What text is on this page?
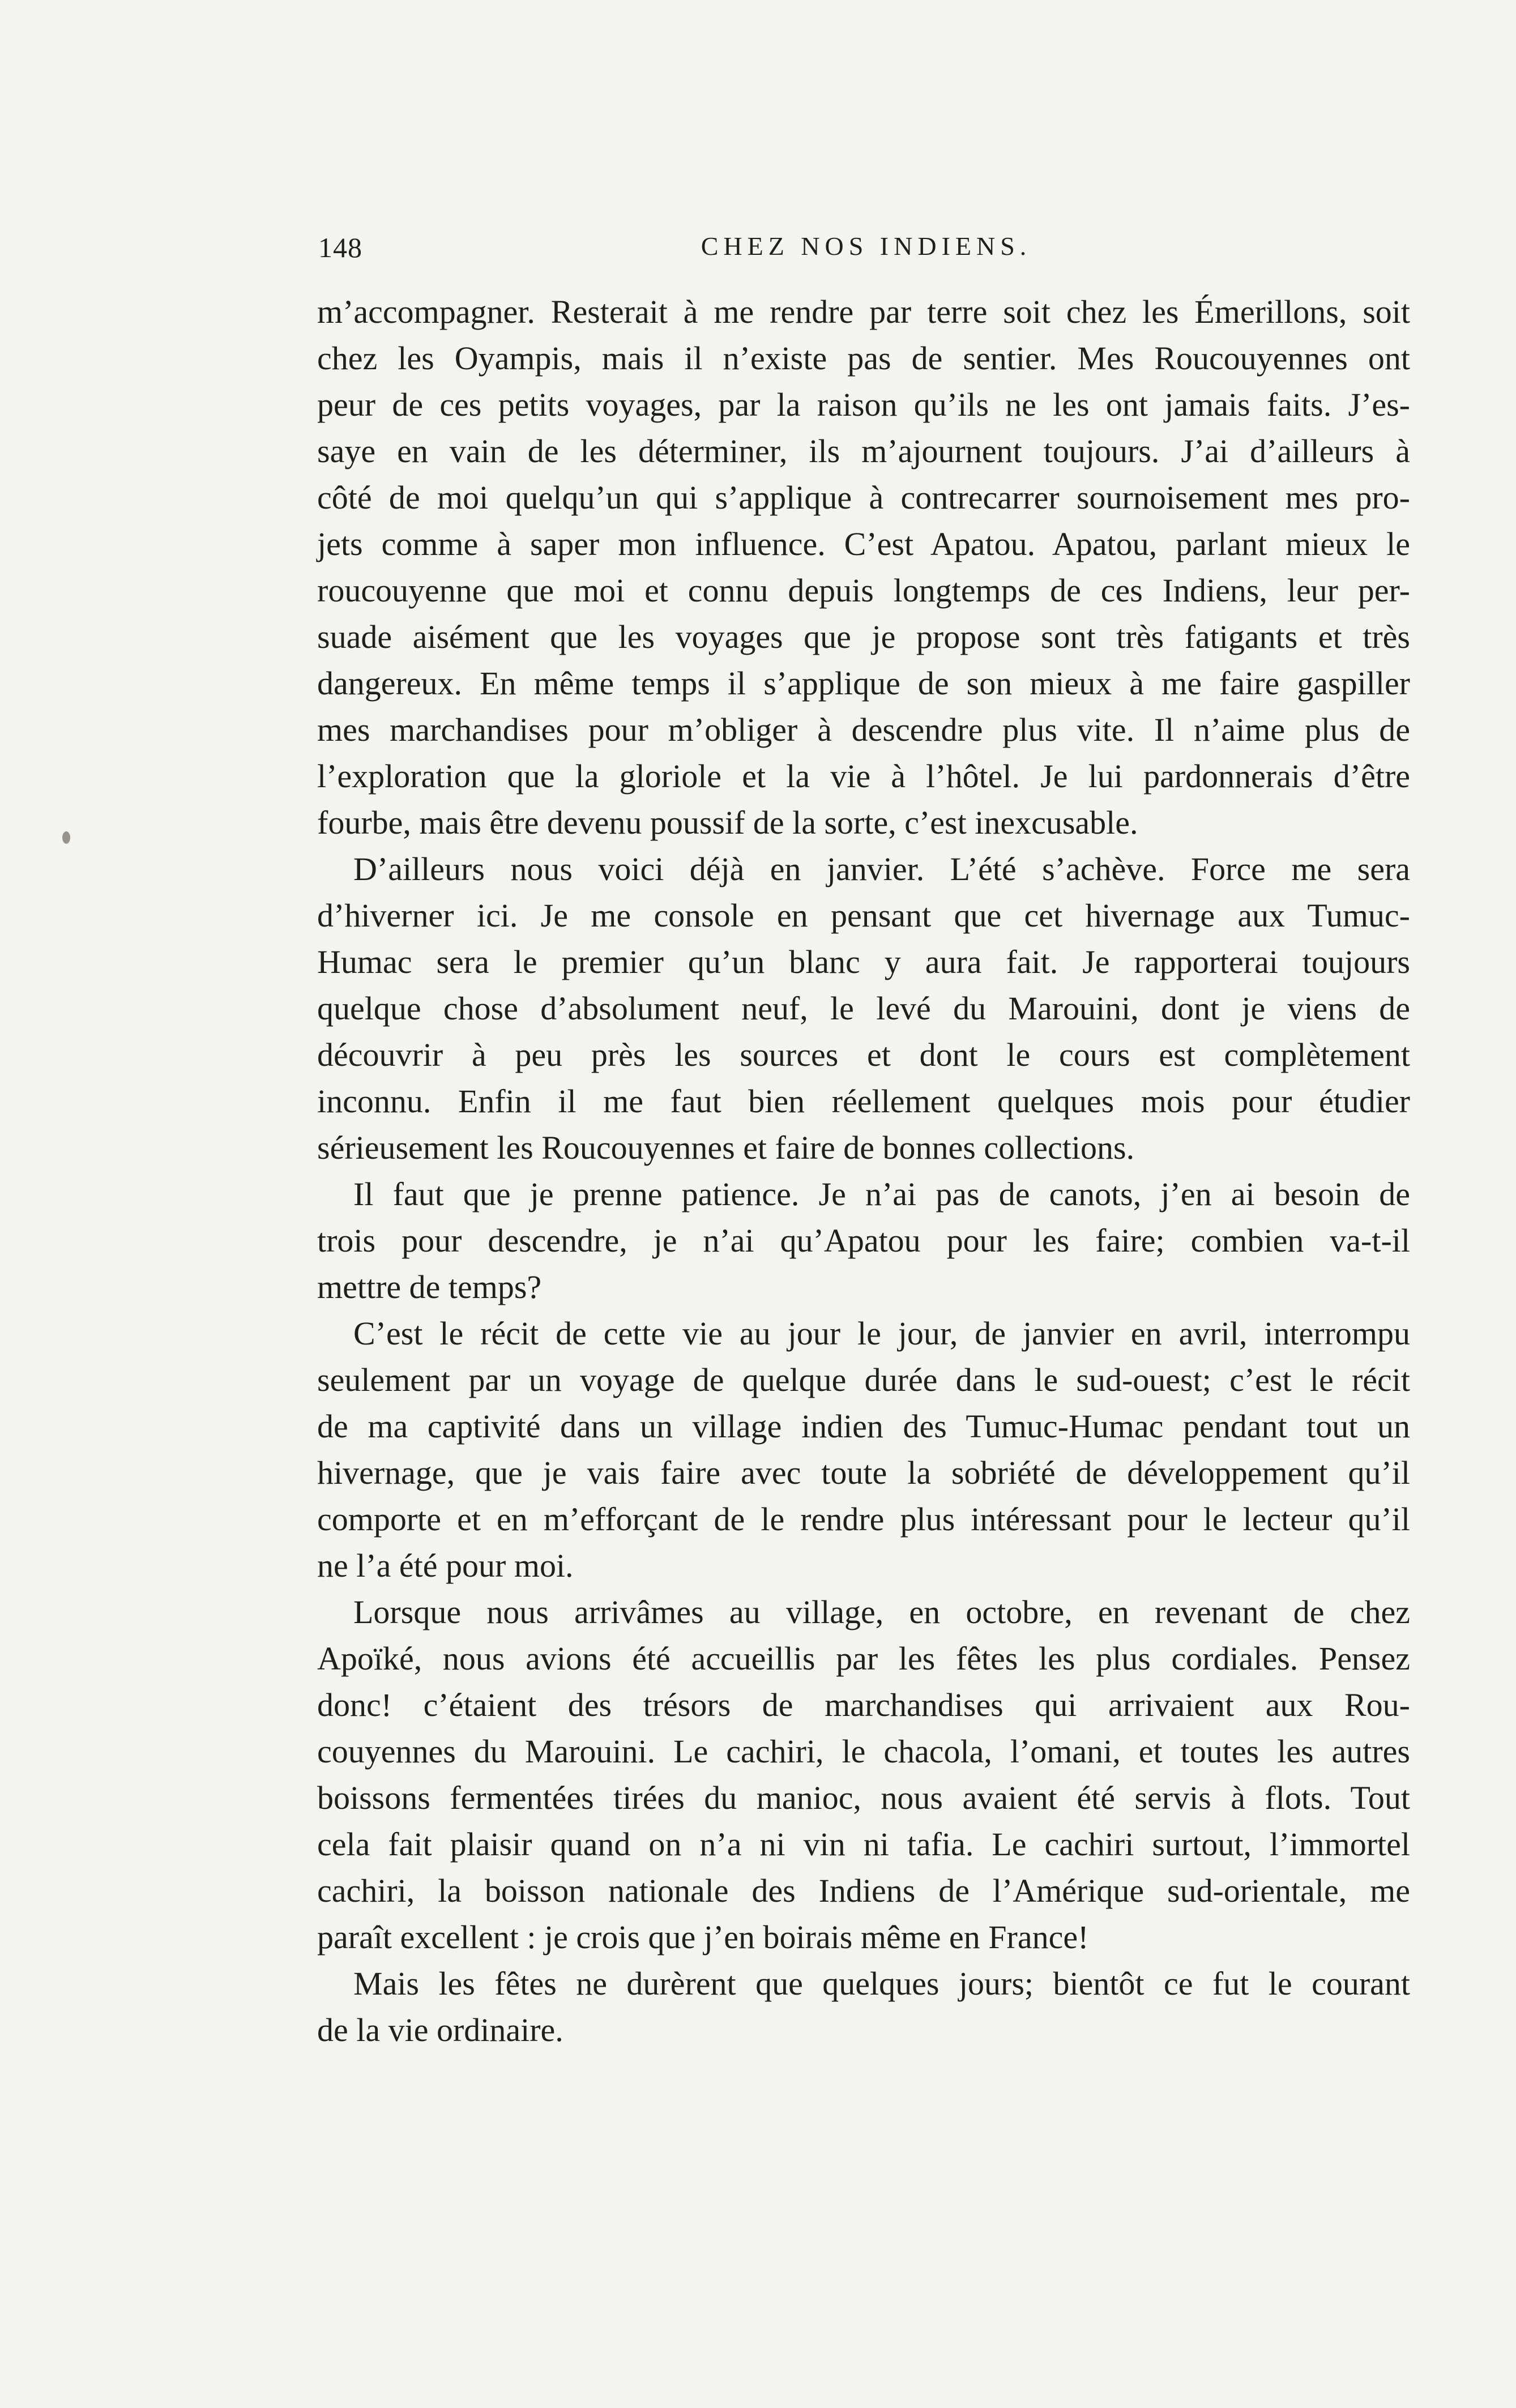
148	CHEZ NOS INDIENS.
m’accompagner. Resterait à me rendre par terre soit chez les Émerillons, soit
chez les Oyampis, mais il n’existe pas de sentier. Mes Roucouyennes ont
peur de ces petits voyages, par la raison qu’ils ne les ont jamais faits. J’es-
saye en vain de les déterminer, ils m’ajournent toujours. J’ai d’ailleurs à
côté de moi quelqu’un qui s’applique à contrecarrer sournoisement mes pro-
jets comme à saper mon influence. C’est Apatou. Apatou, parlant mieux le
roucouyenne que moi et connu depuis longtemps de ces Indiens, leur per-
suade aisément que les voyages que je propose sont très fatigants et très
dangereux. En même temps il s’applique de son mieux à me faire gaspiller
mes marchandises pour m’obliger à descendre plus vite. Il n’aime plus de
l’exploration que la gloriole et la vie à l’hôtel. Je lui pardonnerais d’être
fourbe, mais être devenu poussif de la sorte, c’est inexcusable.
D’ailleurs nous voici déjà en janvier. L’été s’achève. Force me sera
d’hiverner ici. Je me console en pensant que cet hivernage aux Tumuc-
Humac sera le premier qu’un blanc y aura fait. Je rapporterai toujours
quelque chose d’absolument neuf, le levé du Marouini, dont je viens de
découvrir à peu près les sources et dont le cours est complètement
inconnu. Enfin il me faut bien réellement quelques mois pour étudier
sérieusement les Roucouyennes et faire de bonnes collections.
Il faut que je prenne patience. Je n’ai pas de canots, j’en ai besoin de
trois pour descendre, je n’ai qu’Apatou pour les faire; combien va-t-il
mettre de temps?
C’est le récit de cette vie au jour le jour, de janvier en avril, interrompu
seulement par un voyage de quelque durée dans le sud-ouest; c’est le récit
de ma captivité dans un village indien des Tumuc-Humac pendant tout un
hivernage, que je vais faire avec toute la sobriété de développement qu’il
comporte et en m’efforçant de le rendre plus intéressant pour le lecteur qu’il
ne l’a été pour moi.
Lorsque nous arrivâmes au village, en octobre, en revenant de chez
Apoïké, nous avions été accueillis par les fêtes les plus cordiales. Pensez
donc! c’étaient des trésors de marchandises qui arrivaient aux Rou-
couyennes du Marouini. Le cachiri, le chacola, l’omani, et toutes les autres
boissons fermentées tirées du manioc, nous avaient été servis à flots. Tout
cela fait plaisir quand on n’a ni vin ni tafia. Le cachiri surtout, l’immortel
cachiri, la boisson nationale des Indiens de l’Amérique sud-orientale, me
paraît excellent : je crois que j’en boirais même en France!
Mais les fêtes ne durèrent que quelques jours; bientôt ce fut le courant
de la vie ordinaire.
